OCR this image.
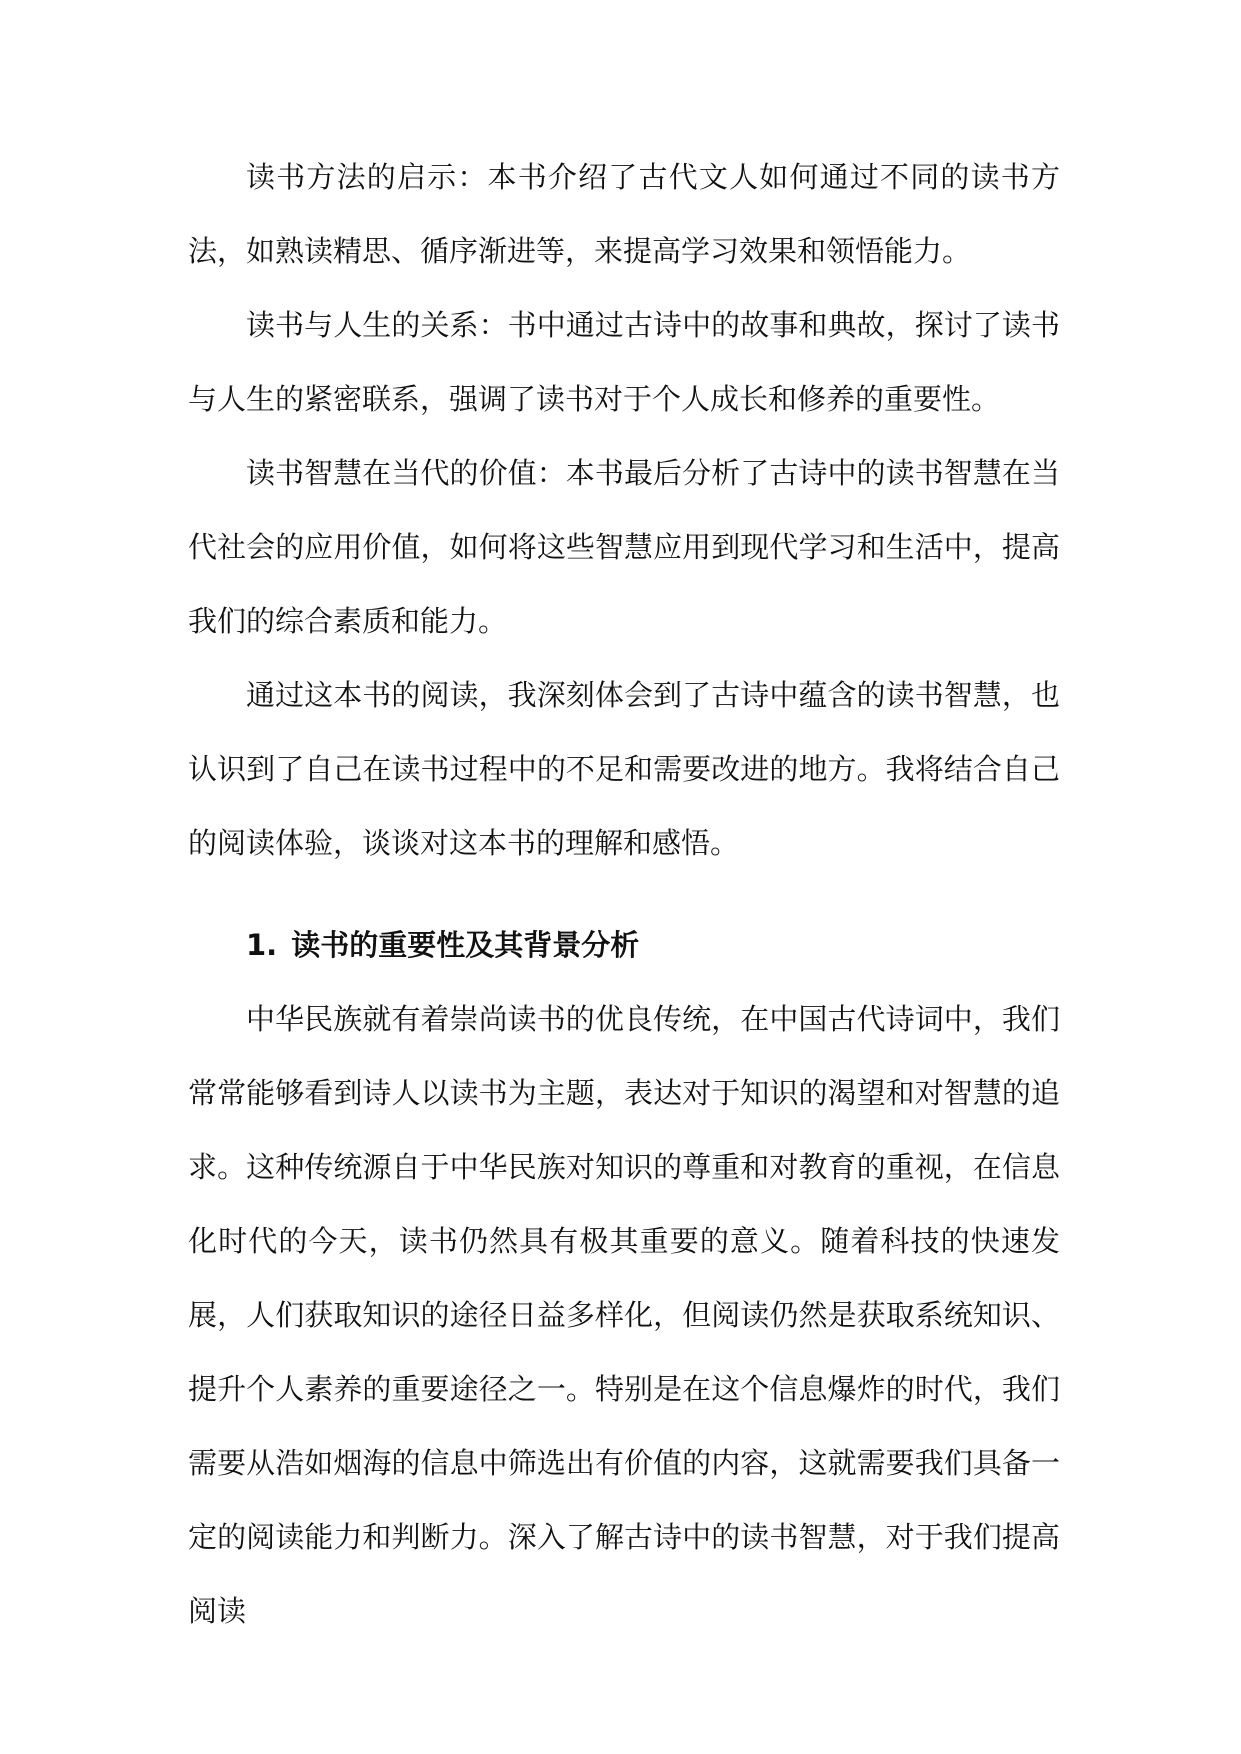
读书方法的启示：本书介绍了古代文人如何通过不同的读书方法，如熟读精思、循序渐进等，来提高学习效果和领悟能力。

读书与人生的关系：书中通过古诗中的故事和典故，探讨了读书与人生的紧密联系，强调了读书对于个人成长和修养的重要性。

读书智慧在当代的价值：本书最后分析了古诗中的读书智慧在当代社会的应用价值，如何将这些智慧应用到现代学习和生活中，提高我们的综合素质和能力。

通过这本书的阅读，我深刻体会到了古诗中蕴含的读书智慧，也认识到了自己在读书过程中的不足和需要改进的地方。我将结合自己的阅读体验，谈谈对这本书的理解和感悟。

1. 读书的重要性及其背景分析

中华民族就有着崇尚读书的优良传统，在中国古代诗词中，我们常常能够看到诗人以读书为主题，表达对于知识的渴望和对智慧的追求。这种传统源自于中华民族对知识的尊重和对教育的重视，在信息化时代的今天，读书仍然具有极其重要的意义。随着科技的快速发展，人们获取知识的途径日益多样化，但阅读仍然是获取系统知识、提升个人素养的重要途径之一。特别是在这个信息爆炸的时代，我们需要从浩如烟海的信息中筛选出有价值的内容，这就需要我们具备一定的阅读能力和判断力。深入了解古诗中的读书智慧，对于我们提高阅读
